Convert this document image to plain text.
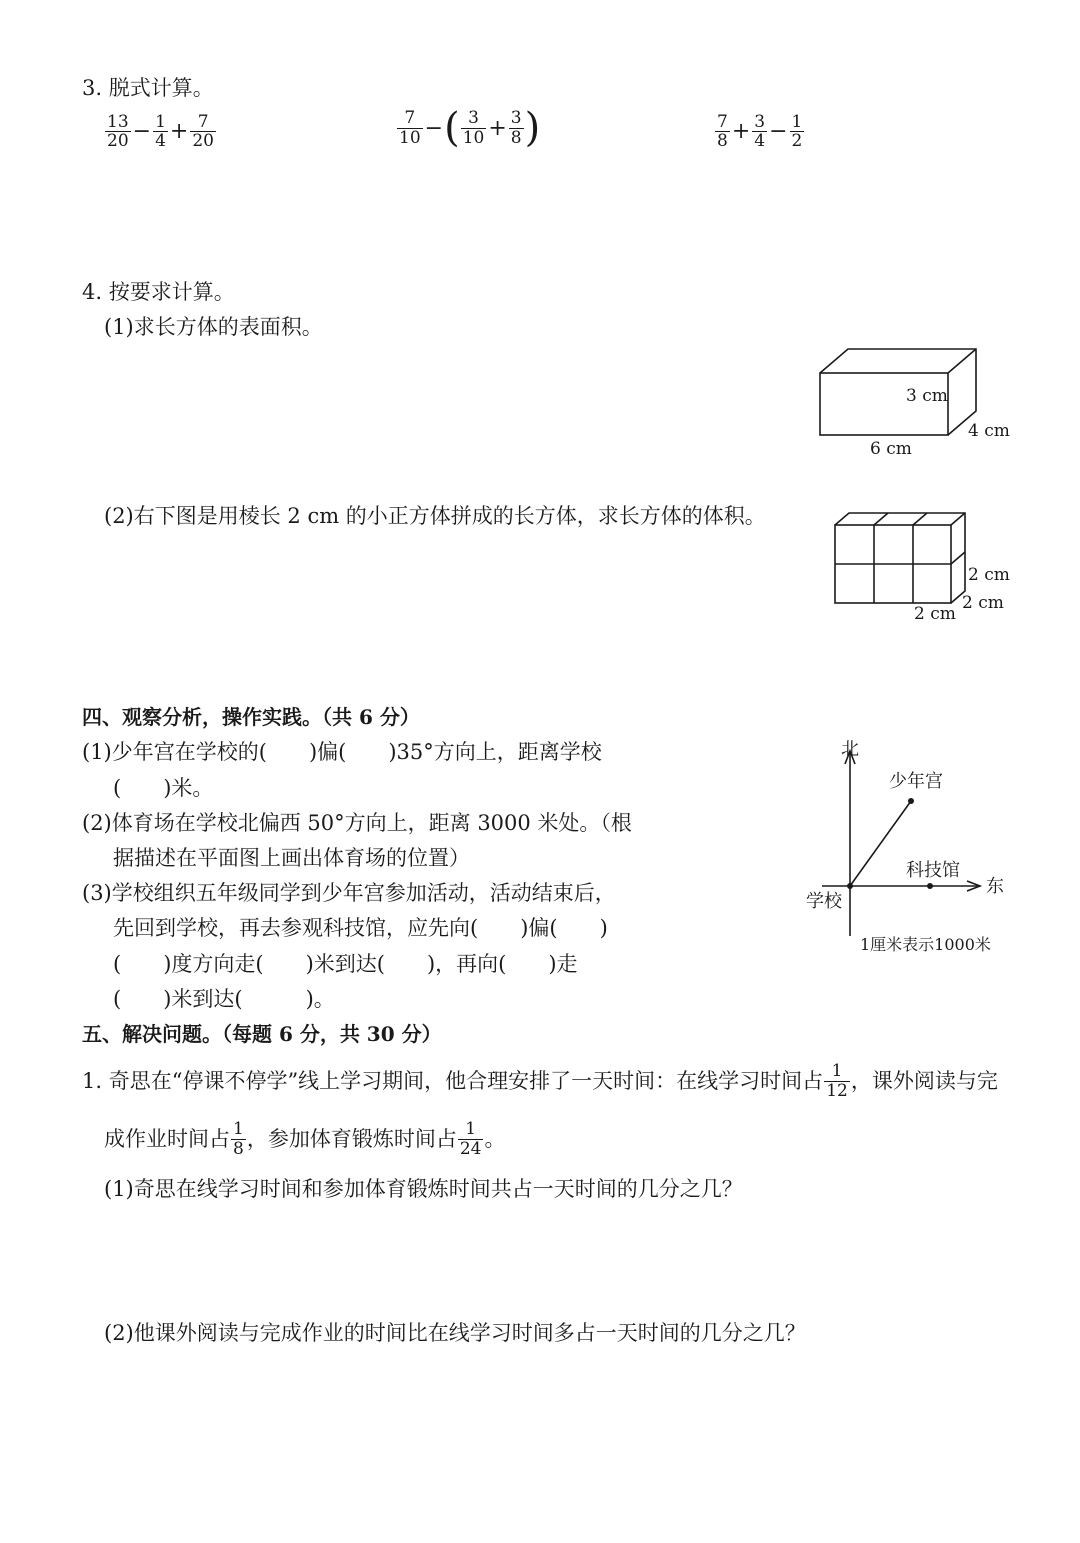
3. 脱式计算。
$\frac{13}{20} - \frac{1}{4} + \frac{7}{20}$	$\frac{7}{10}$ −( $\frac{3}{10} + \frac{3}{8}$ )	$\frac{7}{8} + \frac{3}{4} - \frac{1}{2}$
4. 按要求计算。
(1)求长方体的表面积。
3 cm
4 cm
6 cm
(2)右下图是用棱长 2 cm 的小正方体拼成的长方体，求长方体的体积。
2 cm
2 cm
2 cm
四、观察分析，操作实践。（共 6 分）
(1)少年宫在学校的(　　)偏(　　)35°方向上，距离学校
(　　)米。
(2)体育场在学校北偏西 50°方向上，距离 3000 米处。（根
据描述在平面图上画出体育场的位置）
(3)学校组织五年级同学到少年宫参加活动，活动结束后，
先回到学校，再去参观科技馆，应先向(　　)偏(　　)
(　　)度方向走(　　)米到达(　　)，再向(　　)走
(　　)米到达(　　　)。
北
东
学校
少年宫
科技馆
1厘米表示1000米
五、解决问题。（每题 6 分，共 30 分）
1. 奇思在“停课不停学”线上学习期间，他合理安排了一天时间：在线学习时间占 $\frac{1}{12}$ ，课外阅读与完
成作业时间占 $\frac{1}{8}$ ，参加体育锻炼时间占 $\frac{1}{24}$ 。
(1)奇思在线学习时间和参加体育锻炼时间共占一天时间的几分之几？
(2)他课外阅读与完成作业的时间比在线学习时间多占一天时间的几分之几？
